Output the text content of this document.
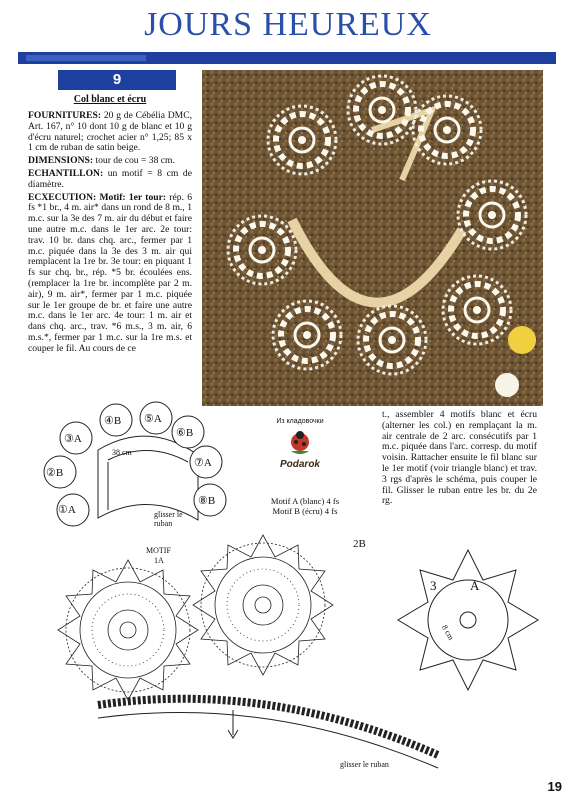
JOURS HEUREUX
9
Col blanc et écru

FOURNITURES: 20 g de Cébélia DMC, Art. 167, n° 10 dont 10 g de blanc et 10 g d'écru naturel; crochet acier n° 1,25; 85 x 1 cm de ruban de satin beige.

DIMENSIONS: tour de cou = 38 cm.

ECHANTILLON: un motif = 8 cm de diamètre.

ECXECUTION: Motif: 1er tour: rép. 6 fs *1 br., 4 m. air* dans un rond de 8 m., 1 m.c. sur la 3e des 7 m. air du début et faire une autre m.c. dans le 1er arc. 2e tour: trav. 10 br. dans chq. arc., fermer par 1 m.c. piquée dans la 3e des 3 m. air qui remplacent la 1re br. 3e tour: en piquant 1 fs sur chq. br., rép. *5 br. écoulées ens. (remplacer la 1re br. incomplète par 2 m. air), 9 m. air*, fermer par 1 m.c. piquée sur le 1er groupe de br. et faire une autre m.c. dans le 1er arc. 4e tour: 1 m. air et dans chq. arc., trav. *6 m.s., 3 m. air, 6 m.s.*, fermer par 1 m.c. sur la 1re m.s. et couper le fil. Au cours de ce

Из кладовочки
Podarok
t., assembler 4 motifs blanc et écru (alterner les col.) en remplaçant la m. air centrale de 2 arc. consécutifs par 1 m.c. piquée dans l'arc. corresp. du motif voisin. Rattacher ensuite le fil blanc sur le 1er motif (voir triangle blanc) et trav. 3 rgs d'après le schéma, puis couper le fil. Glisser le ruban entre les br. du 2e rg.
Motif A (blanc) 4 fs
Motif B (écru) 4 fs
①A
②B
③A
④B ⑤A
⑥B
⑦A
⑧B
38 cm
glisser le ruban
MOTIF
1A
2B
3	A
8 cm
glisser le ruban
19
